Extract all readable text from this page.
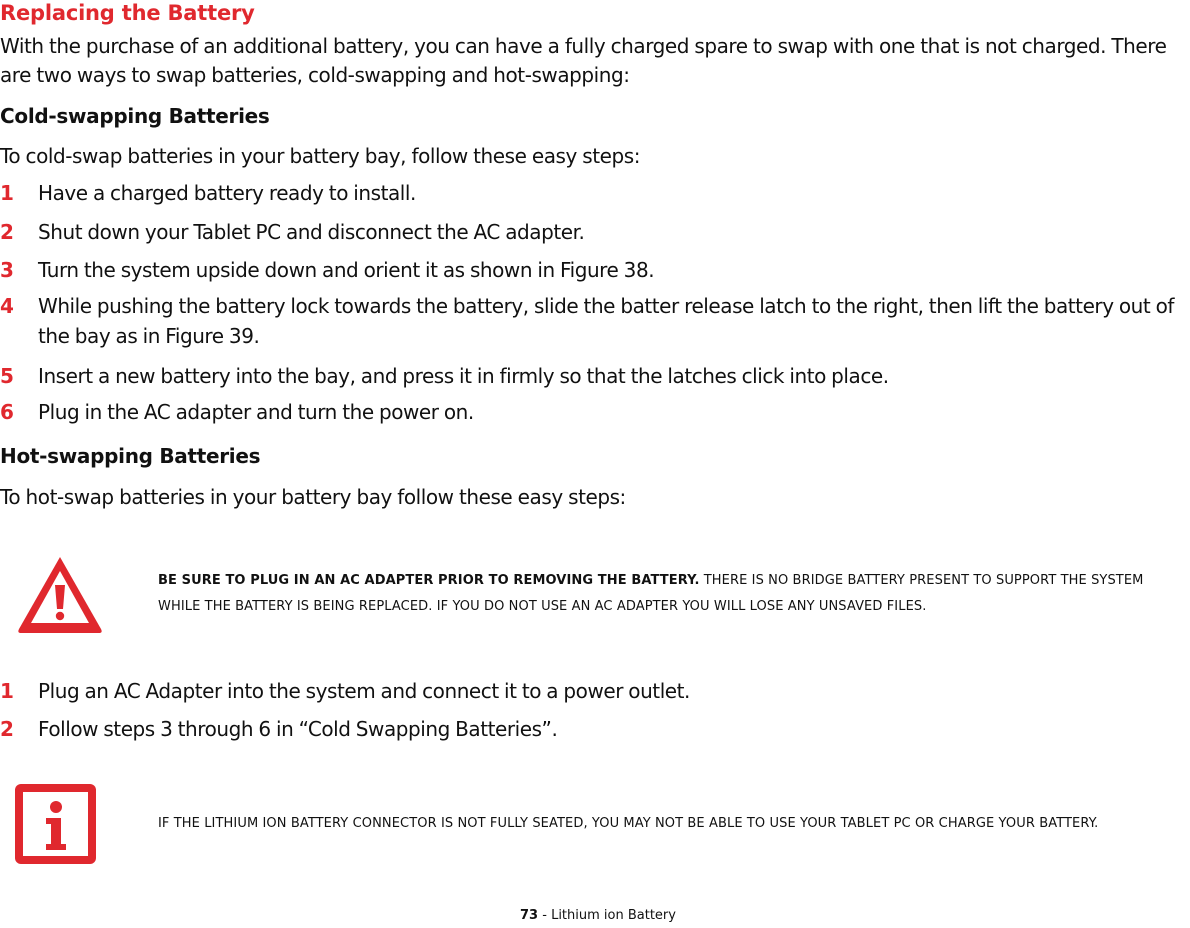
Replacing the Battery
With the purchase of an additional battery, you can have a fully charged spare to swap with one that is not charged. There are two ways to swap batteries, cold-swapping and hot-swapping:
Cold-swapping Batteries
To cold-swap batteries in your battery bay, follow these easy steps:
1	Have a charged battery ready to install.
2	Shut down your Tablet PC and disconnect the AC adapter.
3	Turn the system upside down and orient it as shown in Figure 38.
4	While pushing the battery lock towards the battery, slide the batter release latch to the right, then lift the battery out of the bay as in Figure 39.
5	Insert a new battery into the bay, and press it in firmly so that the latches click into place.
6	Plug in the AC adapter and turn the power on.
Hot-swapping Batteries
To hot-swap batteries in your battery bay follow these easy steps:
BE SURE TO PLUG IN AN AC ADAPTER PRIOR TO REMOVING THE BATTERY. THERE IS NO BRIDGE BATTERY PRESENT TO SUPPORT THE SYSTEM WHILE THE BATTERY IS BEING REPLACED. IF YOU DO NOT USE AN AC ADAPTER YOU WILL LOSE ANY UNSAVED FILES.
1	Plug an AC Adapter into the system and connect it to a power outlet.
2	Follow steps 3 through 6 in “Cold Swapping Batteries”.
IF THE LITHIUM ION BATTERY CONNECTOR IS NOT FULLY SEATED, YOU MAY NOT BE ABLE TO USE YOUR TABLET PC OR CHARGE YOUR BATTERY.
73 - Lithium ion Battery
